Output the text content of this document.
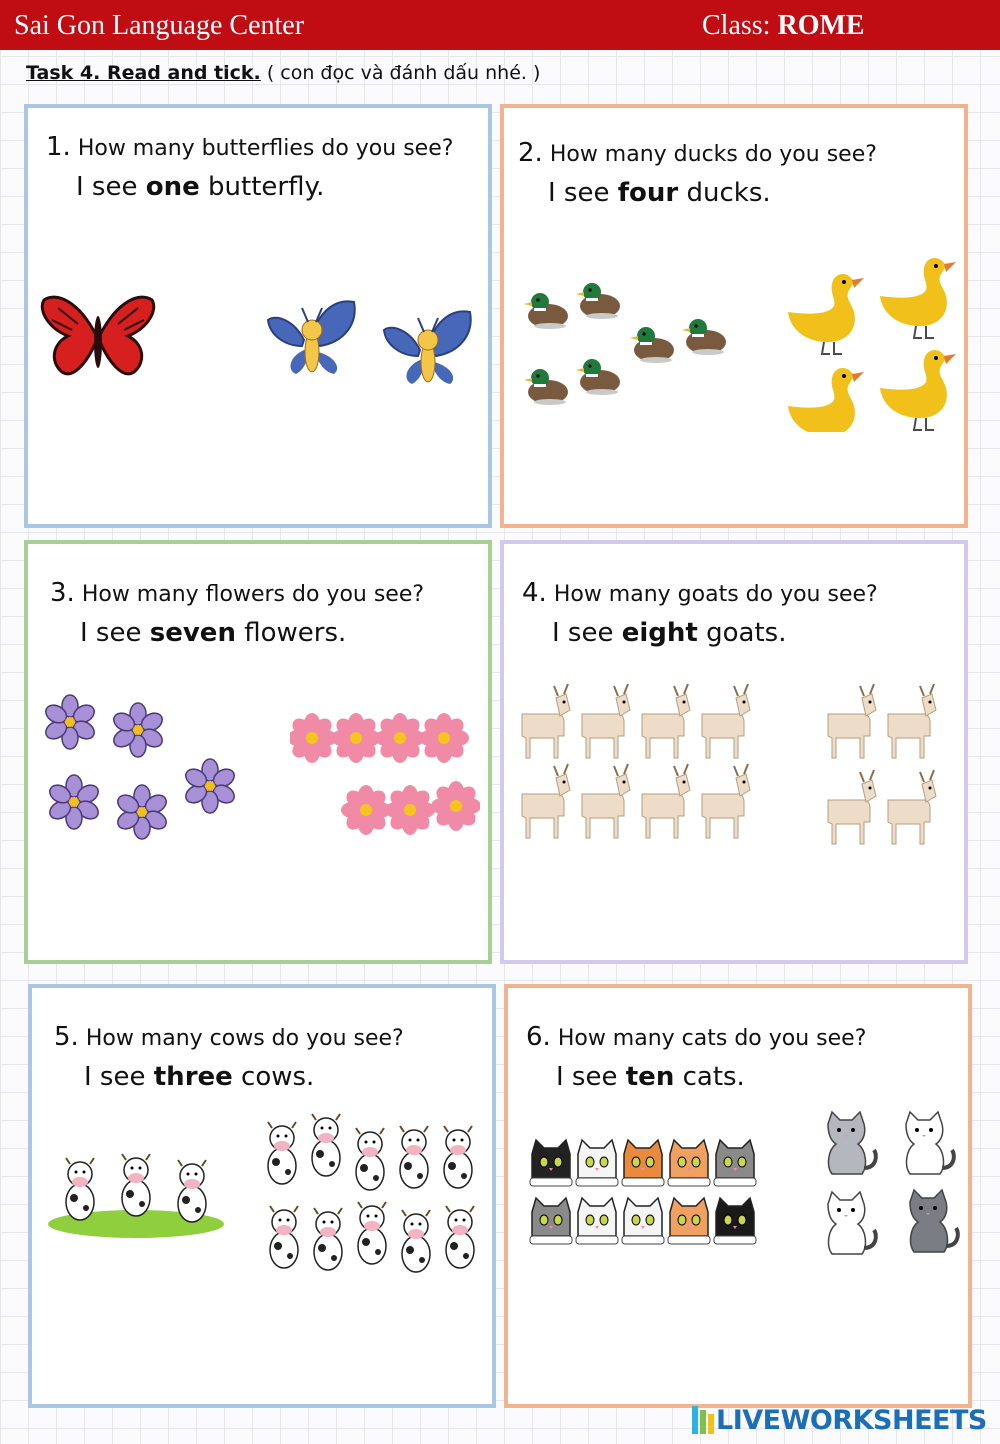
Sai Gon Language Center	Class: ROME
Task 4. Read and tick. ( con đọc và đánh dấu nhé. )
1. How many butterflies do you see?
I see one butterfly.
2. How many ducks do you see?
I see four ducks.
3. How many flowers do you see?
I see seven flowers.
4. How many goats do you see?
I see eight goats.
5. How many cows do you see?
I see three cows.
6. How many cats do you see?
I see ten cats.
LIVEWORKSHEETS
